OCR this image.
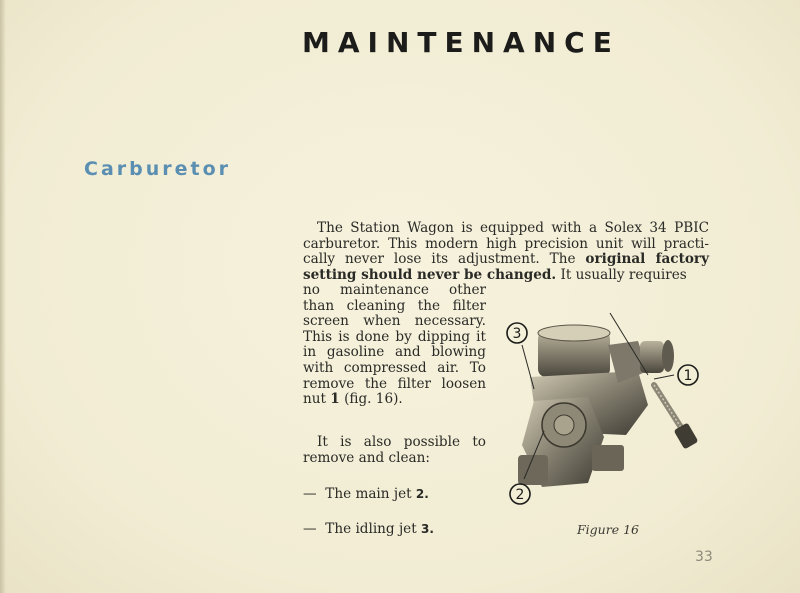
MAINTENANCE
Carburetor

The Station Wagon is equipped with a Solex 34 PBIC carburetor. This modern high precision unit will practi-cally never lose its adjustment. The original factory setting should never be changed. It usually requires

no maintenance other than cleaning the filter screen when necessary. This is done by dipping it in gasoline and blowing with compressed air. To remove the filter loosen nut 1 (fig. 16).

It is also possible to remove and clean:

— The main jet 2.
— The idling jet 3.
3
1
2
Figure 16
33
